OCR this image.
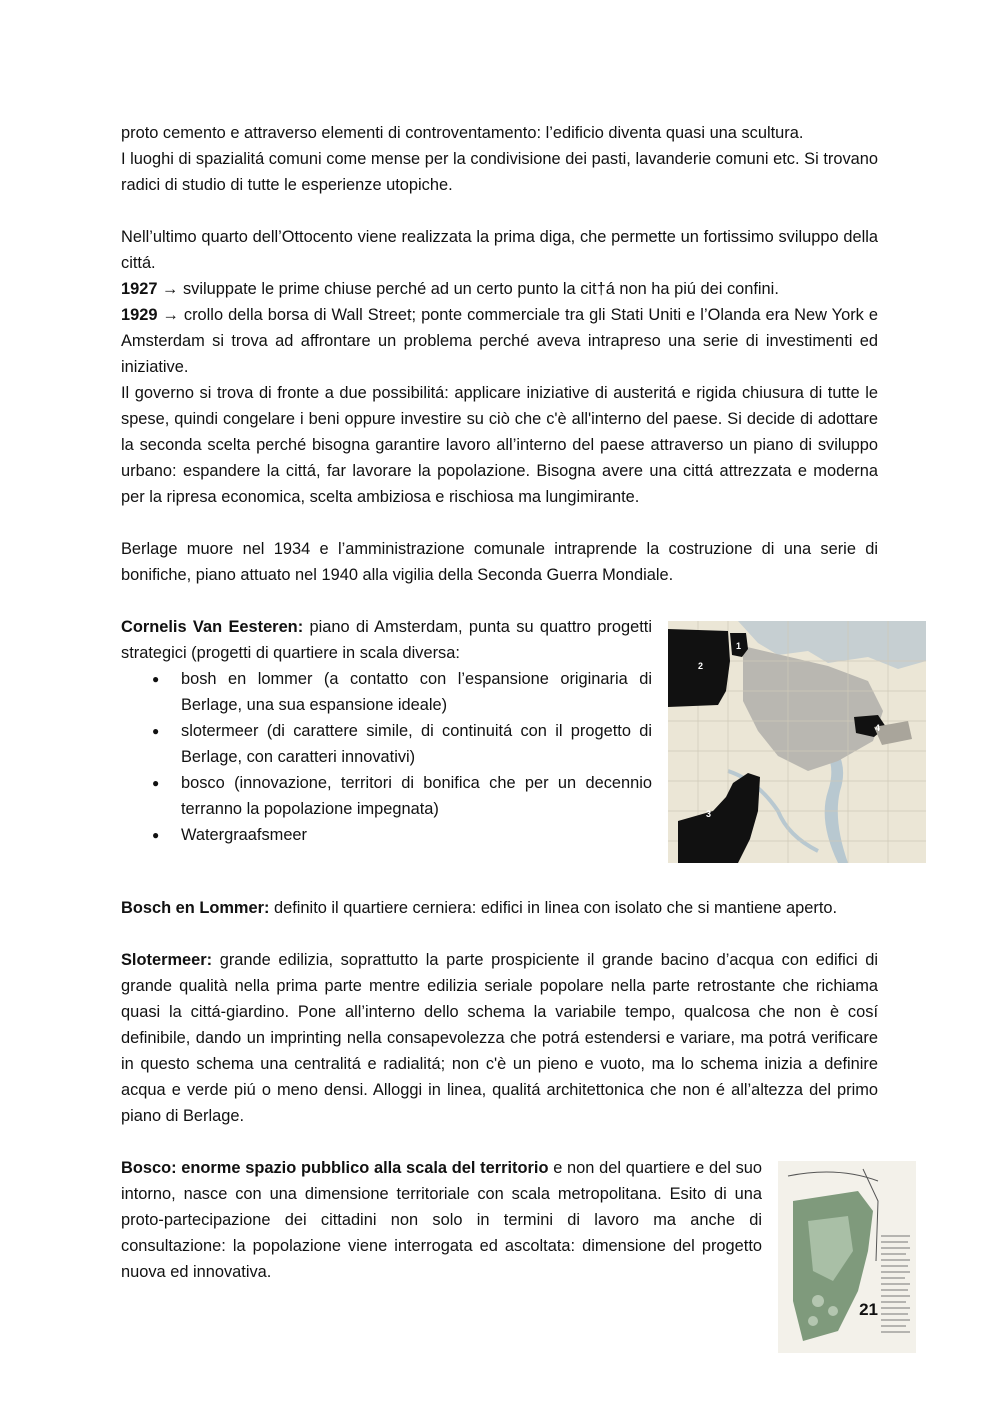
proto cemento e attraverso elementi di controventamento: l’edificio diventa quasi una scultura.

I luoghi di spazialitá comuni come mense per la condivisione dei pasti, lavanderie comuni etc. Si trovano radici di studio di tutte le esperienze utopiche.

Nell’ultimo quarto dell’Ottocento viene realizzata la prima diga, che permette un fortissimo sviluppo della cittá.

1927 → sviluppate le prime chiuse perché ad un certo punto la cit†á non ha piú dei confini.

1929 → crollo della borsa di Wall Street; ponte commerciale tra gli Stati Uniti e l’Olanda era New York e Amsterdam si trova ad affrontare un problema perché aveva intrapreso una serie di investimenti ed iniziative.

Il governo si trova di fronte a due possibilitá: applicare iniziative di austeritá e rigida chiusura di tutte le spese, quindi congelare i beni oppure investire su ciò che c'è all'interno del paese. Si decide di adottare la seconda scelta perché bisogna garantire lavoro all’interno del paese attraverso un piano di sviluppo urbano: espandere la cittá, far lavorare la popolazione. Bisogna avere una cittá attrezzata e moderna per la ripresa economica, scelta ambiziosa e rischiosa ma lungimirante.

Berlage muore nel 1934 e l’amministrazione comunale intraprende la costruzione di una serie di bonifiche, piano attuato nel 1940 alla vigilia della Seconda Guerra Mondiale.

1
2
3
4

Cornelis Van Eesteren: piano di Amsterdam, punta su quattro progetti strategici (progetti di quartiere in scala diversa:

● bosh en lommer (a contatto con l’espansione originaria di Berlage, una sua espansione ideale)
● slotermeer (di carattere simile, di continuitá con il progetto di Berlage, con caratteri innovativi)
● bosco (innovazione, territori di bonifica che per un decennio terranno la popolazione impegnata)
● Watergraafsmeer

Bosch en Lommer: definito il quartiere cerniera: edifici in linea con isolato che si mantiene aperto.

Slotermeer: grande edilizia, soprattutto la parte prospiciente il grande bacino d’acqua con edifici di grande qualità nella prima parte mentre edilizia seriale popolare nella parte retrostante che richiama quasi la cittá-giardino. Pone all’interno dello schema la variabile tempo, qualcosa che non è cosí definibile, dando un imprinting nella consapevolezza che potrá estendersi e variare, ma potrá verificare in questo schema una centralitá e radialitá; non c'è un pieno e vuoto, ma lo schema inizia a definire acqua e verde piú o meno densi. Alloggi in linea, qualitá architettonica che non é all’altezza del primo piano di Berlage.

Bosco: enorme spazio pubblico alla scala del territorio e non del quartiere e del suo intorno, nasce con una dimensione territoriale con scala metropolitana. Esito di una proto-partecipazione dei cittadini non solo in termini di lavoro ma anche di consultazione: la popolazione viene interrogata ed ascoltata: dimensione del progetto nuova ed innovativa.

21
